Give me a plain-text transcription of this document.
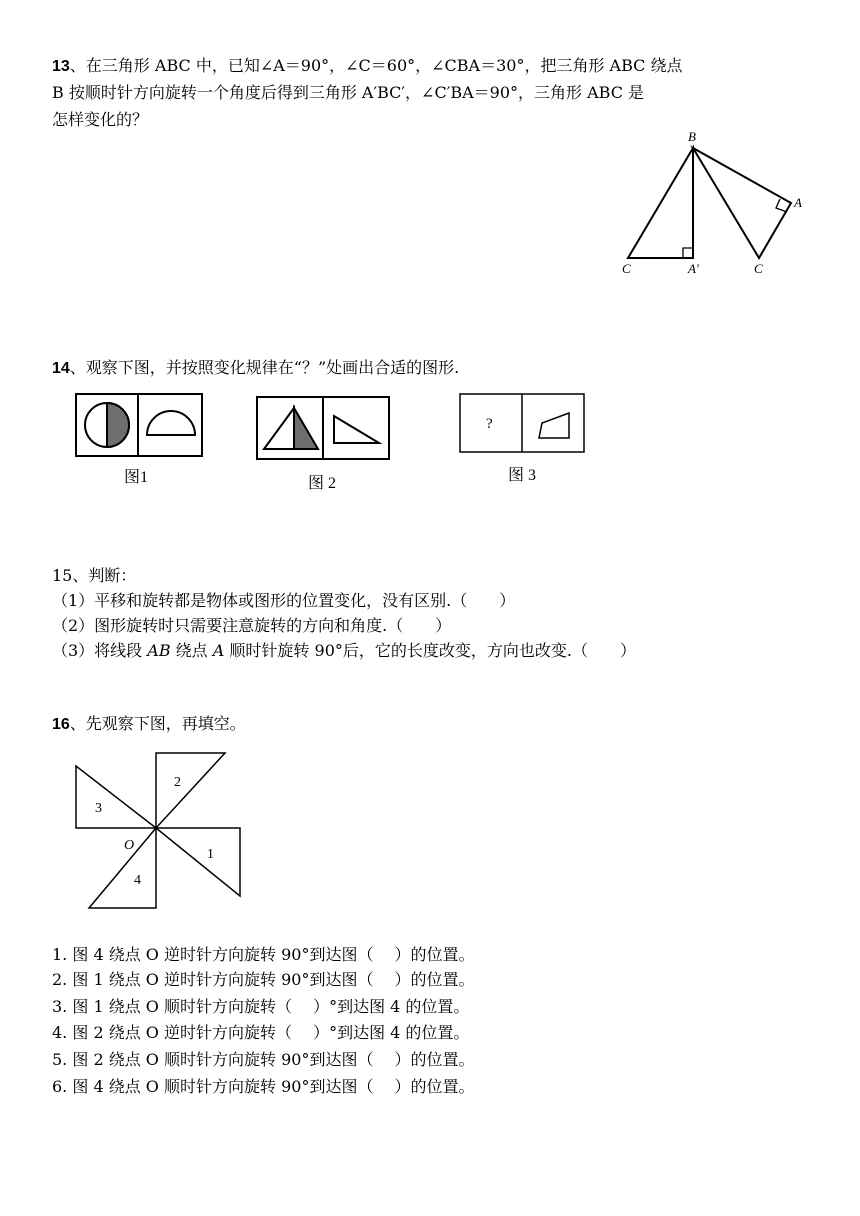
13、在三角形 ABC 中，已知∠A＝90°，∠C＝60°，∠CBA＝30°，把三角形 ABC 绕点
B 按顺时针方向旋转一个角度后得到三角形 A′BC′，∠C′BA＝90°，三角形 ABC 是
怎样变化的？
B
A
C	A′	C
14、观察下图，并按照变化规律在“？”处画出合适的图形.
?
图1	图 2	图 3
15、判断：
（1）平移和旋转都是物体或图形的位置变化，没有区别.（　　）
（2）图形旋转时只需要注意旋转的方向和角度.（　　）
（3）将线段 AB 绕点 A 顺时针旋转 90°后，它的长度改变，方向也改变.（　　）
16、先观察下图，再填空。
2
3
1
4
O
1. 图 4 绕点 O 逆时针方向旋转 90°到达图（　 ）的位置。
2. 图 1 绕点 O 逆时针方向旋转 90°到达图（　 ）的位置。
3. 图 1 绕点 O 顺时针方向旋转（　 ）°到达图 4 的位置。
4. 图 2 绕点 O 逆时针方向旋转（　 ）°到达图 4 的位置。
5. 图 2 绕点 O 顺时针方向旋转 90°到达图（　 ）的位置。
6. 图 4 绕点 O 顺时针方向旋转 90°到达图（　 ）的位置。
